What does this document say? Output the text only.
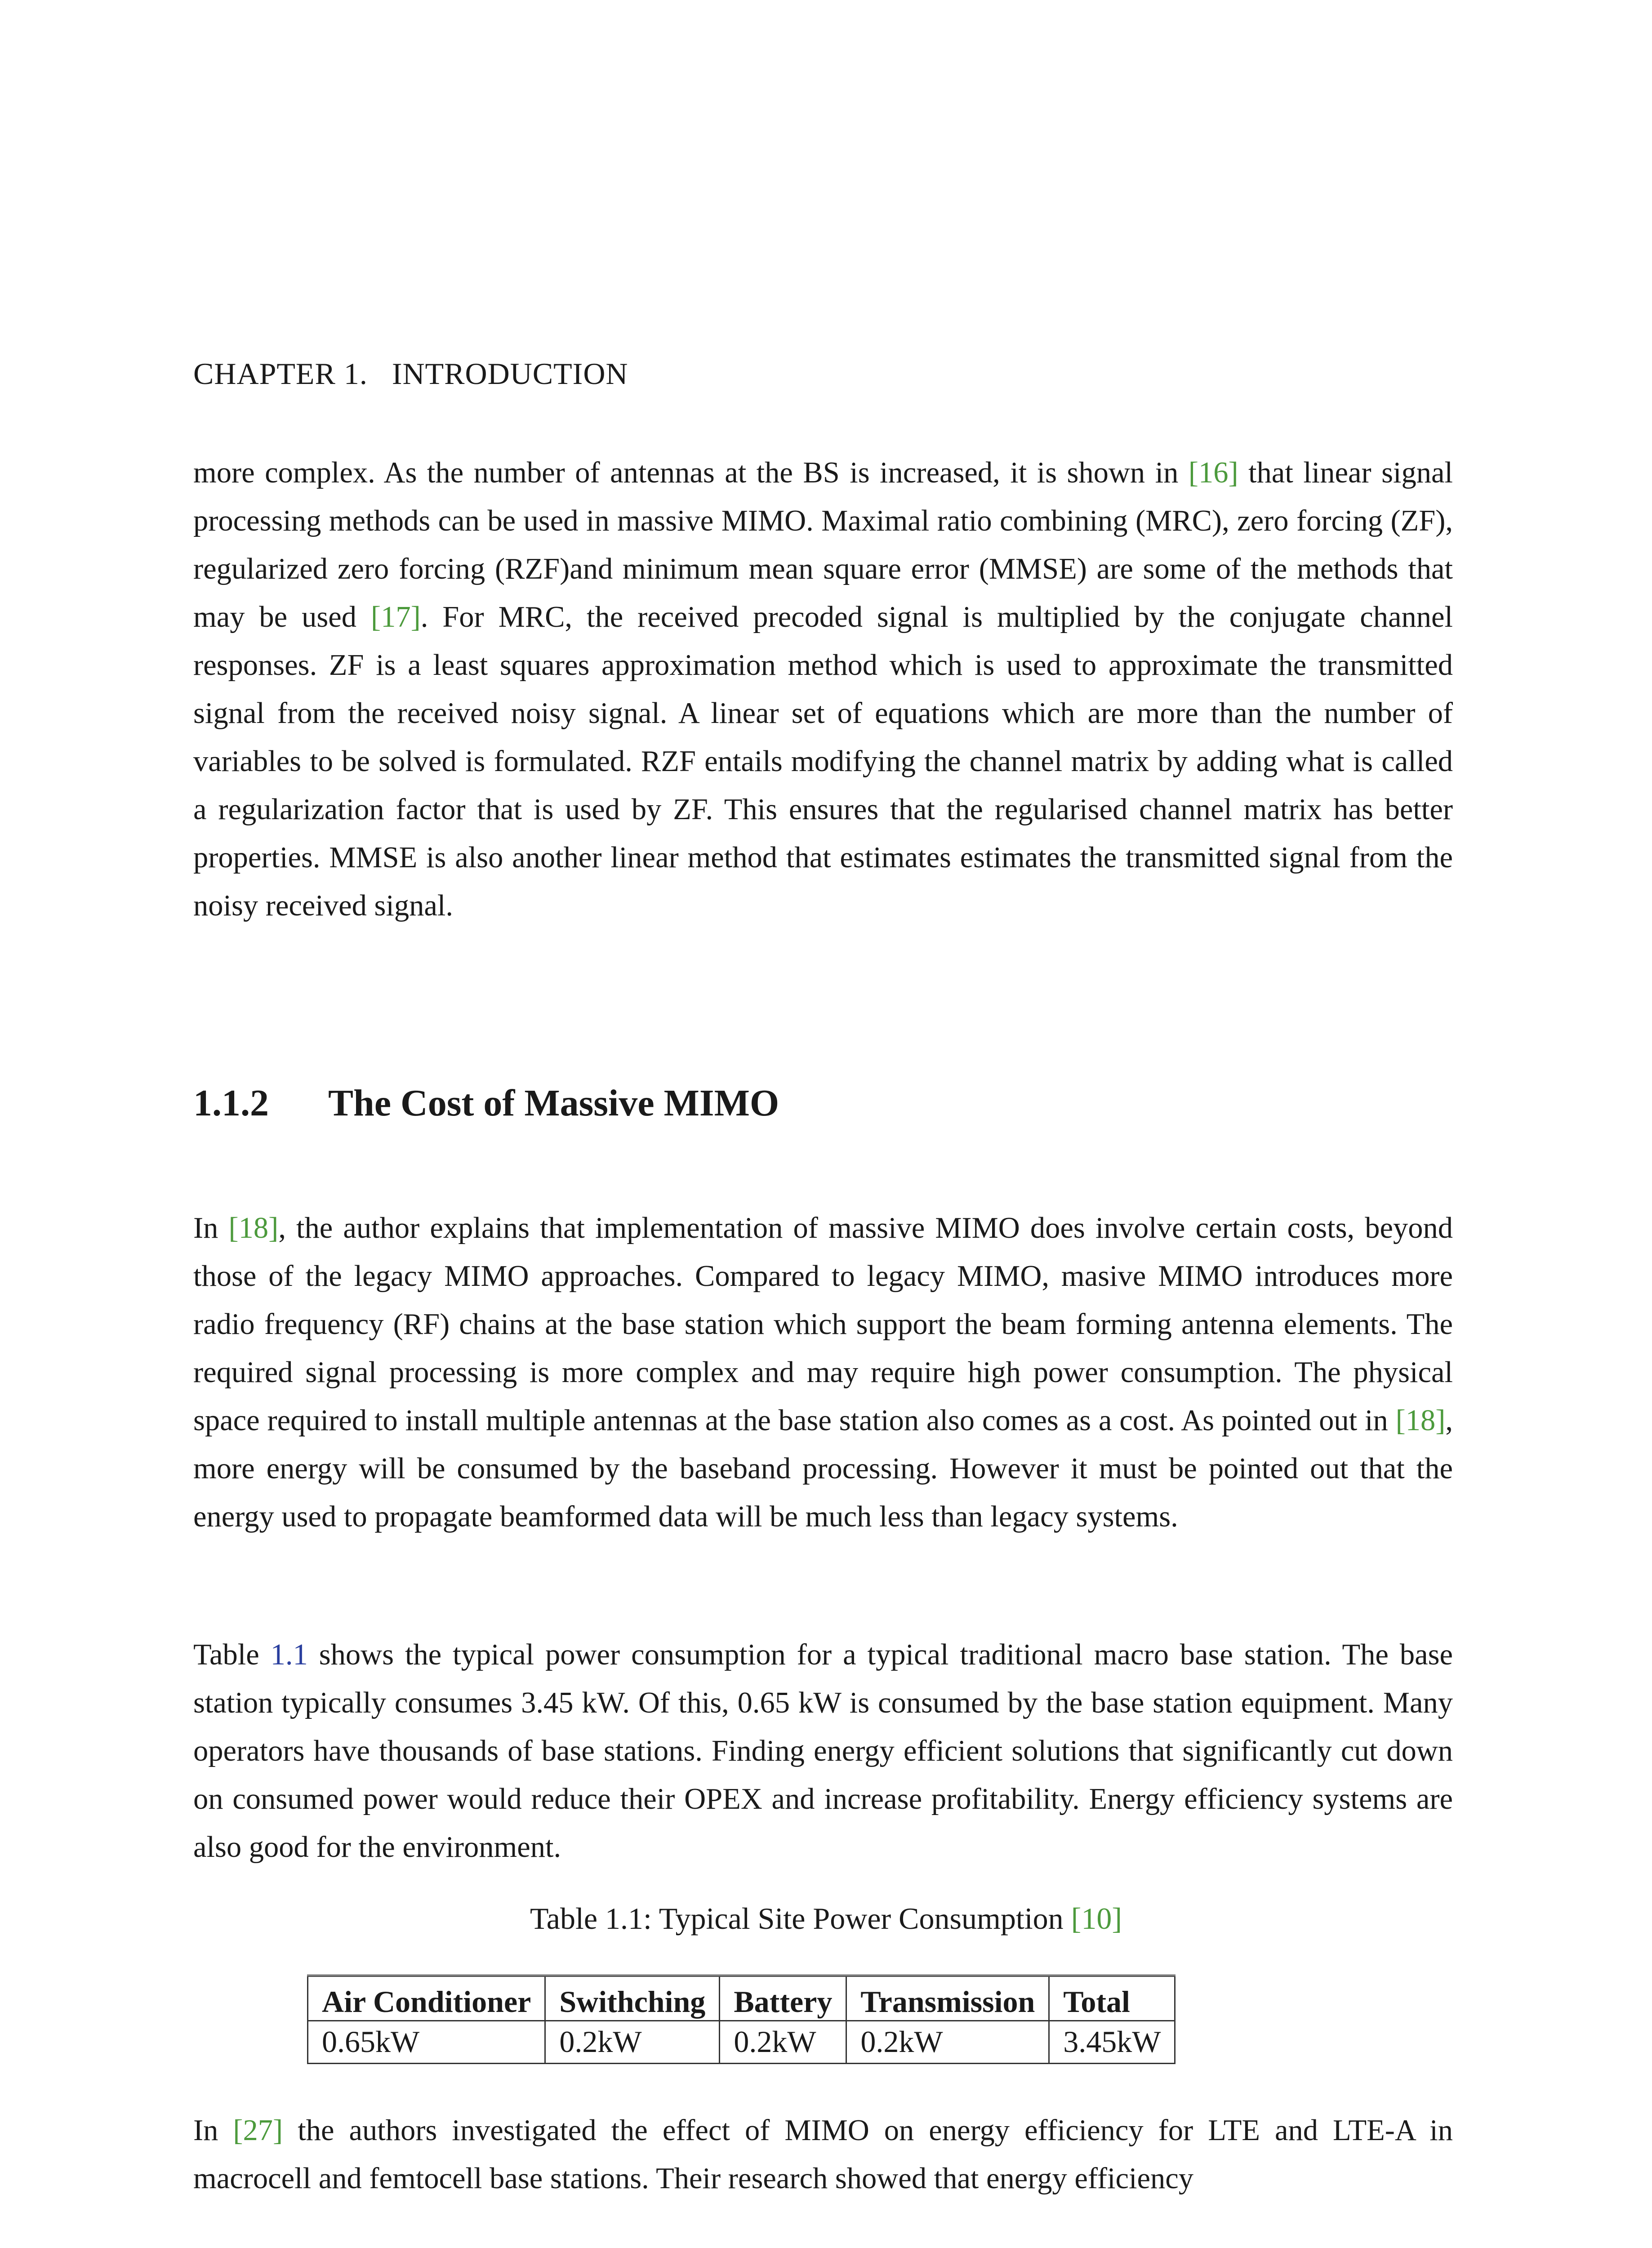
CHAPTER 1.   INTRODUCTION

more complex. As the number of antennas at the BS is increased, it is shown in [16] that linear signal processing methods can be used in massive MIMO. Maximal ratio combining (MRC), zero forcing (ZF), regularized zero forcing (RZF)and minimum mean square error (MMSE) are some of the methods that may be used [17]. For MRC, the received precoded signal is multiplied by the conjugate channel responses. ZF is a least squares approximation method which is used to approximate the transmitted signal from the received noisy signal. A linear set of equations which are more than the number of variables to be solved is formulated. RZF entails modifying the channel matrix by adding what is called a regularization factor that is used by ZF. This ensures that the regularised channel matrix has better properties. MMSE is also another linear method that estimates estimates the transmitted signal from the noisy received signal.

1.1.2 The Cost of Massive MIMO

In [18], the author explains that implementation of massive MIMO does involve certain costs, beyond those of the legacy MIMO approaches. Compared to legacy MIMO, masive MIMO introduces more radio frequency (RF) chains at the base station which support the beam forming antenna elements. The required signal processing is more complex and may require high power consumption. The physical space required to install multiple antennas at the base station also comes as a cost. As pointed out in [18], more energy will be consumed by the baseband processing. However it must be pointed out that the energy used to propagate beamformed data will be much less than legacy systems.

Table 1.1 shows the typical power consumption for a typical traditional macro base station. The base station typically consumes 3.45 kW. Of this, 0.65 kW is consumed by the base station equipment. Many operators have thousands of base stations. Finding energy efficient solutions that significantly cut down on consumed power would reduce their OPEX and increase profitability. Energy efficiency systems are also good for the environment.

Table 1.1: Typical Site Power Consumption [10]
Air Conditioner	Swithching	Battery	Transmission	Total
0.65kW	0.2kW	0.2kW	0.2kW	3.45kW

In [27] the authors investigated the effect of MIMO on energy efficiency for LTE and LTE-A in macrocell and femtocell base stations. Their research showed that energy efficiency
